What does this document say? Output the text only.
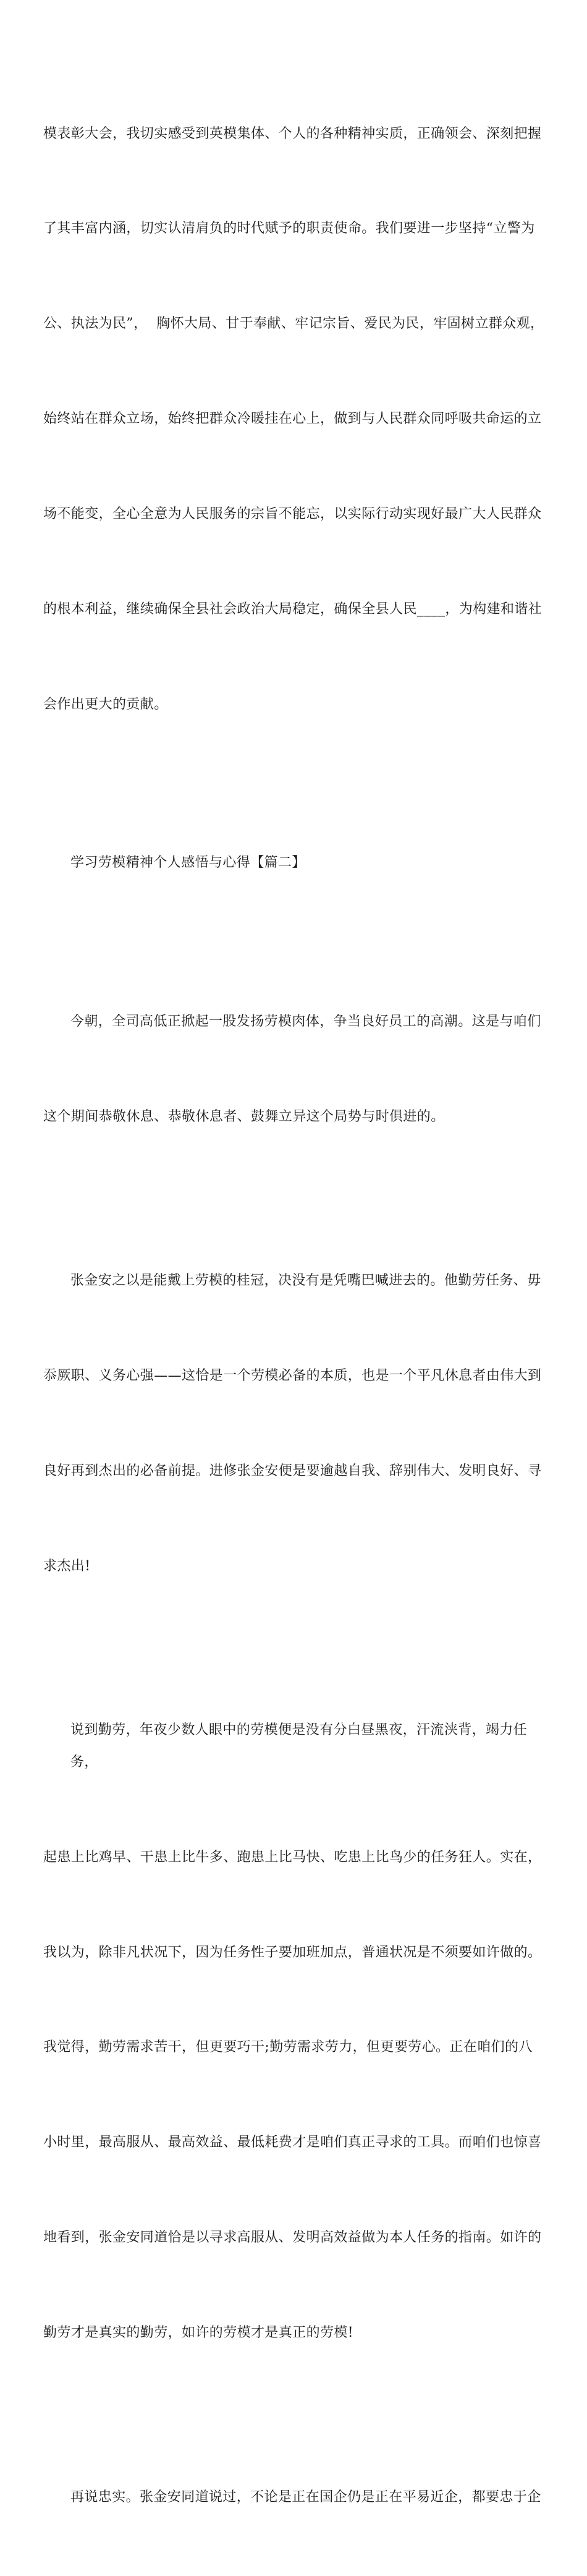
模表彰大会，我切实感受到英模集体、个人的各种精神实质，正确领会、深刻把握

了其丰富内涵，切实认清肩负的时代赋予的职责使命。我们要进一步坚持“立警为

公、执法为民”，  胸怀大局、甘于奉献、牢记宗旨、爱民为民，牢固树立群众观，

始终站在群众立场，始终把群众冷暖挂在心上，做到与人民群众同呼吸共命运的立

场不能变，全心全意为人民服务的宗旨不能忘，以实际行动实现好最广大人民群众

的根本利益，继续确保全县社会政治大局稳定，确保全县人民____，为构建和谐社

会作出更大的贡献。

学习劳模精神个人感悟与心得【篇二】

今朝，全司高低正掀起一股发扬劳模肉体，争当良好员工的高潮。这是与咱们

这个期间恭敬休息、恭敬休息者、鼓舞立异这个局势与时俱进的。

张金安之以是能戴上劳模的桂冠，决没有是凭嘴巴喊进去的。他勤劳任务、毋

忝厥职、义务心强——这恰是一个劳模必备的本质，也是一个平凡休息者由伟大到

良好再到杰出的必备前提。进修张金安便是要逾越自我、辞别伟大、发明良好、寻

求杰出!

说到勤劳，年夜少数人眼中的劳模便是没有分白昼黑夜，汗流浃背，竭力任务，

起患上比鸡早、干患上比牛多、跑患上比马快、吃患上比鸟少的任务狂人。实在，

我以为，除非凡状况下，因为任务性子要加班加点，普通状况是不须要如许做的。

我觉得，勤劳需求苦干，但更要巧干;勤劳需求劳力，但更要劳心。正在咱们的八

小时里，最高服从、最高效益、最低耗费才是咱们真正寻求的工具。而咱们也惊喜

地看到，张金安同道恰是以寻求高服从、发明高效益做为本人任务的指南。如许的

勤劳才是真实的勤劳，如许的劳模才是真正的劳模!

再说忠实。张金安同道说过，不论是正在国企仍是正在平易近企，都要忠于企
